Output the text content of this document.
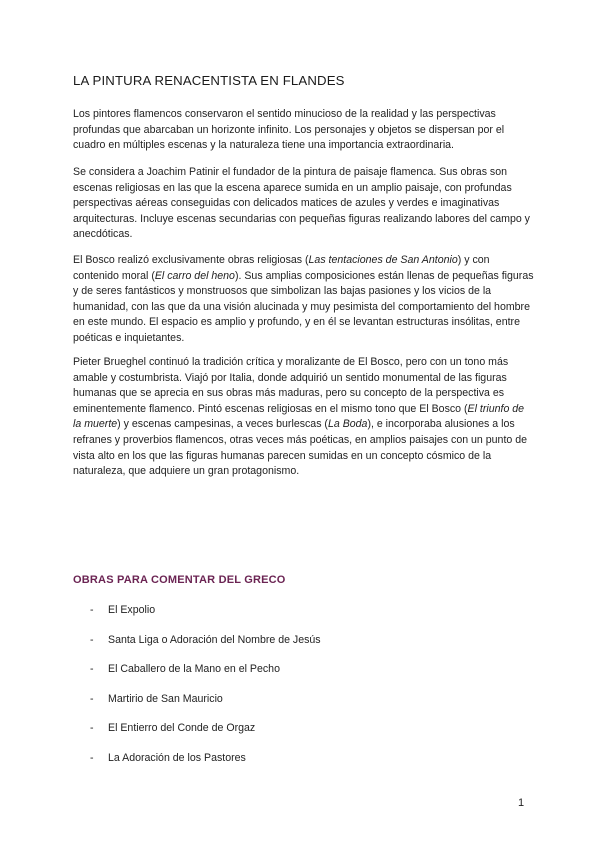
LA PINTURA RENACENTISTA EN FLANDES

Los pintores flamencos conservaron el sentido minucioso de la realidad y las perspectivas profundas que abarcaban un horizonte infinito. Los personajes y objetos se dispersan por el cuadro en múltiples escenas y la naturaleza tiene una importancia extraordinaria.

Se considera a Joachim Patinir el fundador de la pintura de paisaje flamenca. Sus obras son escenas religiosas en las que la escena aparece sumida en un amplio paisaje, con profundas perspectivas aéreas conseguidas con delicados matices de azules y verdes e imaginativas arquitecturas. Incluye escenas secundarias con pequeñas figuras realizando labores del campo y anecdóticas.

El Bosco realizó exclusivamente obras religiosas (Las tentaciones de San Antonio) y con contenido moral (El carro del heno). Sus amplias composiciones están llenas de pequeñas figuras y de seres fantásticos y monstruosos que simbolizan las bajas pasiones y los vicios de la humanidad, con las que da una visión alucinada y muy pesimista del comportamiento del hombre en este mundo. El espacio es amplio y profundo, y en él se levantan estructuras insólitas, entre poéticas e inquietantes.

Pieter Brueghel continuó la tradición crítica y moralizante de El Bosco, pero con un tono más amable y costumbrista. Viajó por Italia, donde adquirió un sentido monumental de las figuras humanas que se aprecia en sus obras más maduras, pero su concepto de la perspectiva es eminentemente flamenco. Pintó escenas religiosas en el mismo tono que El Bosco (El triunfo de la muerte) y escenas campesinas, a veces burlescas (La Boda), e incorporaba alusiones a los refranes y proverbios flamencos, otras veces más poéticas, en amplios paisajes con un punto de vista alto en los que las figuras humanas parecen sumidas en un concepto cósmico de la naturaleza, que adquiere un gran protagonismo.

OBRAS PARA COMENTAR DEL GRECO
- El Expolio
- Santa Liga o Adoración del Nombre de Jesús
- El Caballero de la Mano en el Pecho
- Martirio de San Mauricio
- El Entierro del Conde de Orgaz
- La Adoración de los Pastores
1
